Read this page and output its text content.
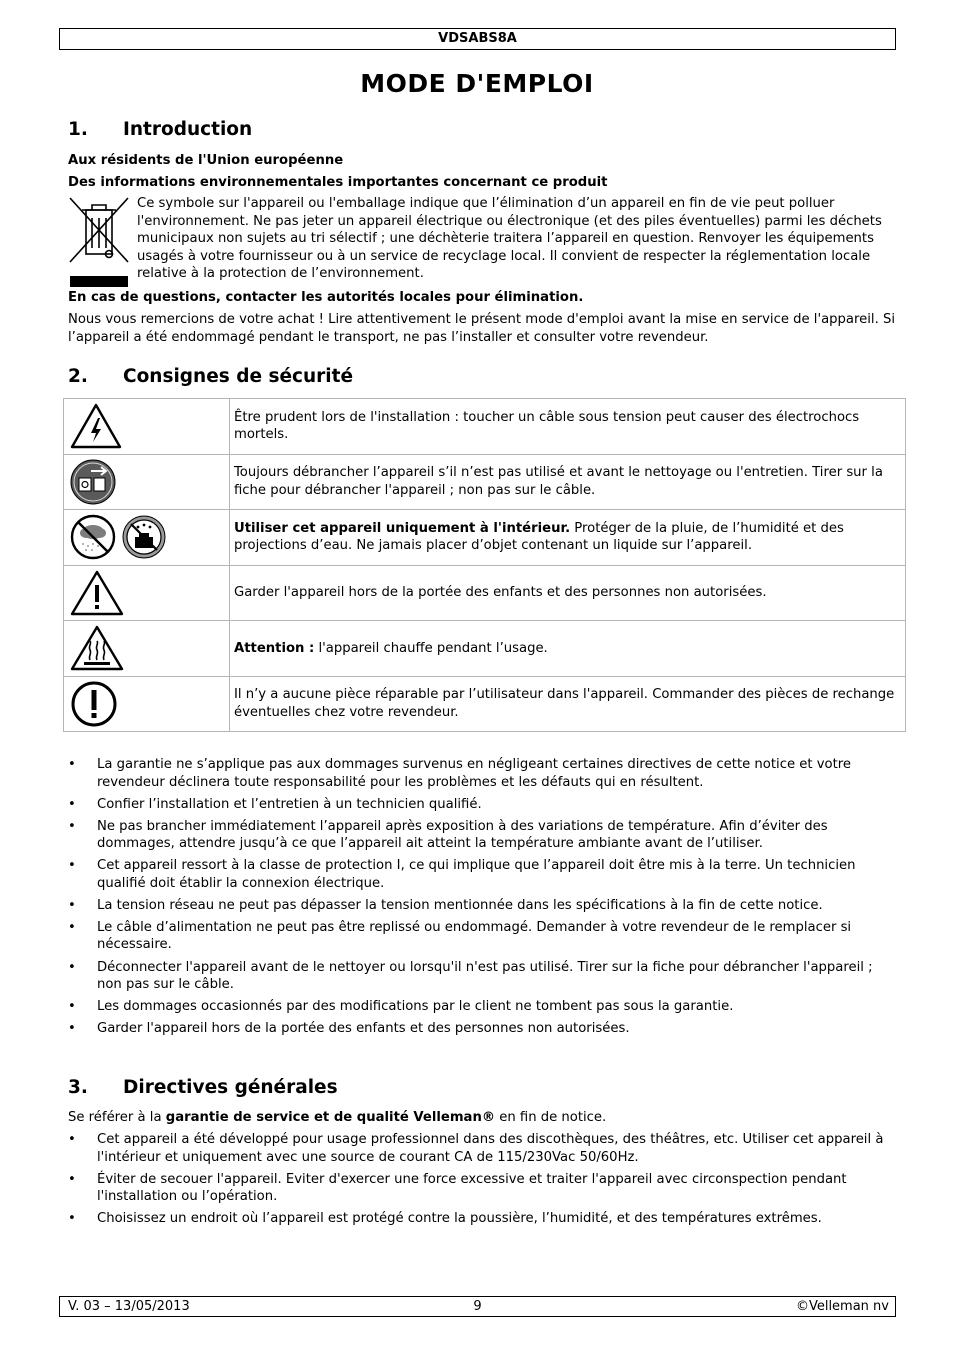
VDSABS8A
MODE D'EMPLOI
1. Introduction
Aux résidents de l'Union européenne
Des informations environnementales importantes concernant ce produit
Ce symbole sur l'appareil ou l'emballage indique que l’élimination d’un appareil en fin de vie peut polluer l'environnement. Ne pas jeter un appareil électrique ou électronique (et des piles éventuelles) parmi les déchets municipaux non sujets au tri sélectif ; une déchèterie traitera l’appareil en question. Renvoyer les équipements usagés à votre fournisseur ou à un service de recyclage local. Il convient de respecter la réglementation locale relative à la protection de l’environnement.
En cas de questions, contacter les autorités locales pour élimination.
Nous vous remercions de votre achat ! Lire attentivement le présent mode d'emploi avant la mise en service de l'appareil. Si l’appareil a été endommagé pendant le transport, ne pas l’installer et consulter votre revendeur.
2. Consignes de sécurité
	Être prudent lors de l'installation : toucher un câble sous tension peut causer des électrochocs mortels.

	Toujours débrancher l’appareil s’il n’est pas utilisé et avant le nettoyage ou l'entretien. Tirer sur la fiche pour débrancher l'appareil ; non pas sur le câble.

	Utiliser cet appareil uniquement à l'intérieur. Protéger de la pluie, de l’humidité et des projections d’eau. Ne jamais placer d’objet contenant un liquide sur l’appareil.

	Garder l'appareil hors de la portée des enfants et des personnes non autorisées.

	Attention : l'appareil chauffe pendant l’usage.

	Il n’y a aucune pièce réparable par l’utilisateur dans l'appareil. Commander des pièces de rechange éventuelles chez votre revendeur.
• La garantie ne s’applique pas aux dommages survenus en négligeant certaines directives de cette notice et votre revendeur déclinera toute responsabilité pour les problèmes et les défauts qui en résultent.
• Confier l’installation et l’entretien à un technicien qualifié.
• Ne pas brancher immédiatement l’appareil après exposition à des variations de température. Afin d’éviter des dommages, attendre jusqu’à ce que l’appareil ait atteint la température ambiante avant de l’utiliser.
• Cet appareil ressort à la classe de protection I, ce qui implique que l’appareil doit être mis à la terre. Un technicien qualifié doit établir la connexion électrique.
• La tension réseau ne peut pas dépasser la tension mentionnée dans les spécifications à la fin de cette notice.
• Le câble d’alimentation ne peut pas être replissé ou endommagé. Demander à votre revendeur de le remplacer si nécessaire.
• Déconnecter l'appareil avant de le nettoyer ou lorsqu'il n'est pas utilisé. Tirer sur la fiche pour débrancher l'appareil ; non pas sur le câble.
• Les dommages occasionnés par des modifications par le client ne tombent pas sous la garantie.
• Garder l'appareil hors de la portée des enfants et des personnes non autorisées.
3. Directives générales
Se référer à la garantie de service et de qualité Velleman® en fin de notice.
• Cet appareil a été développé pour usage professionnel dans des discothèques, des théâtres, etc. Utiliser cet appareil à l'intérieur et uniquement avec une source de courant CA de 115/230Vac 50/60Hz.
• Éviter de secouer l'appareil. Eviter d'exercer une force excessive et traiter l'appareil avec circonspection pendant l'installation ou l’opération.
• Choisissez un endroit où l’appareil est protégé contre la poussière, l’humidité, et des températures extrêmes.
V. 03 – 13/05/2013	9	©Velleman nv
